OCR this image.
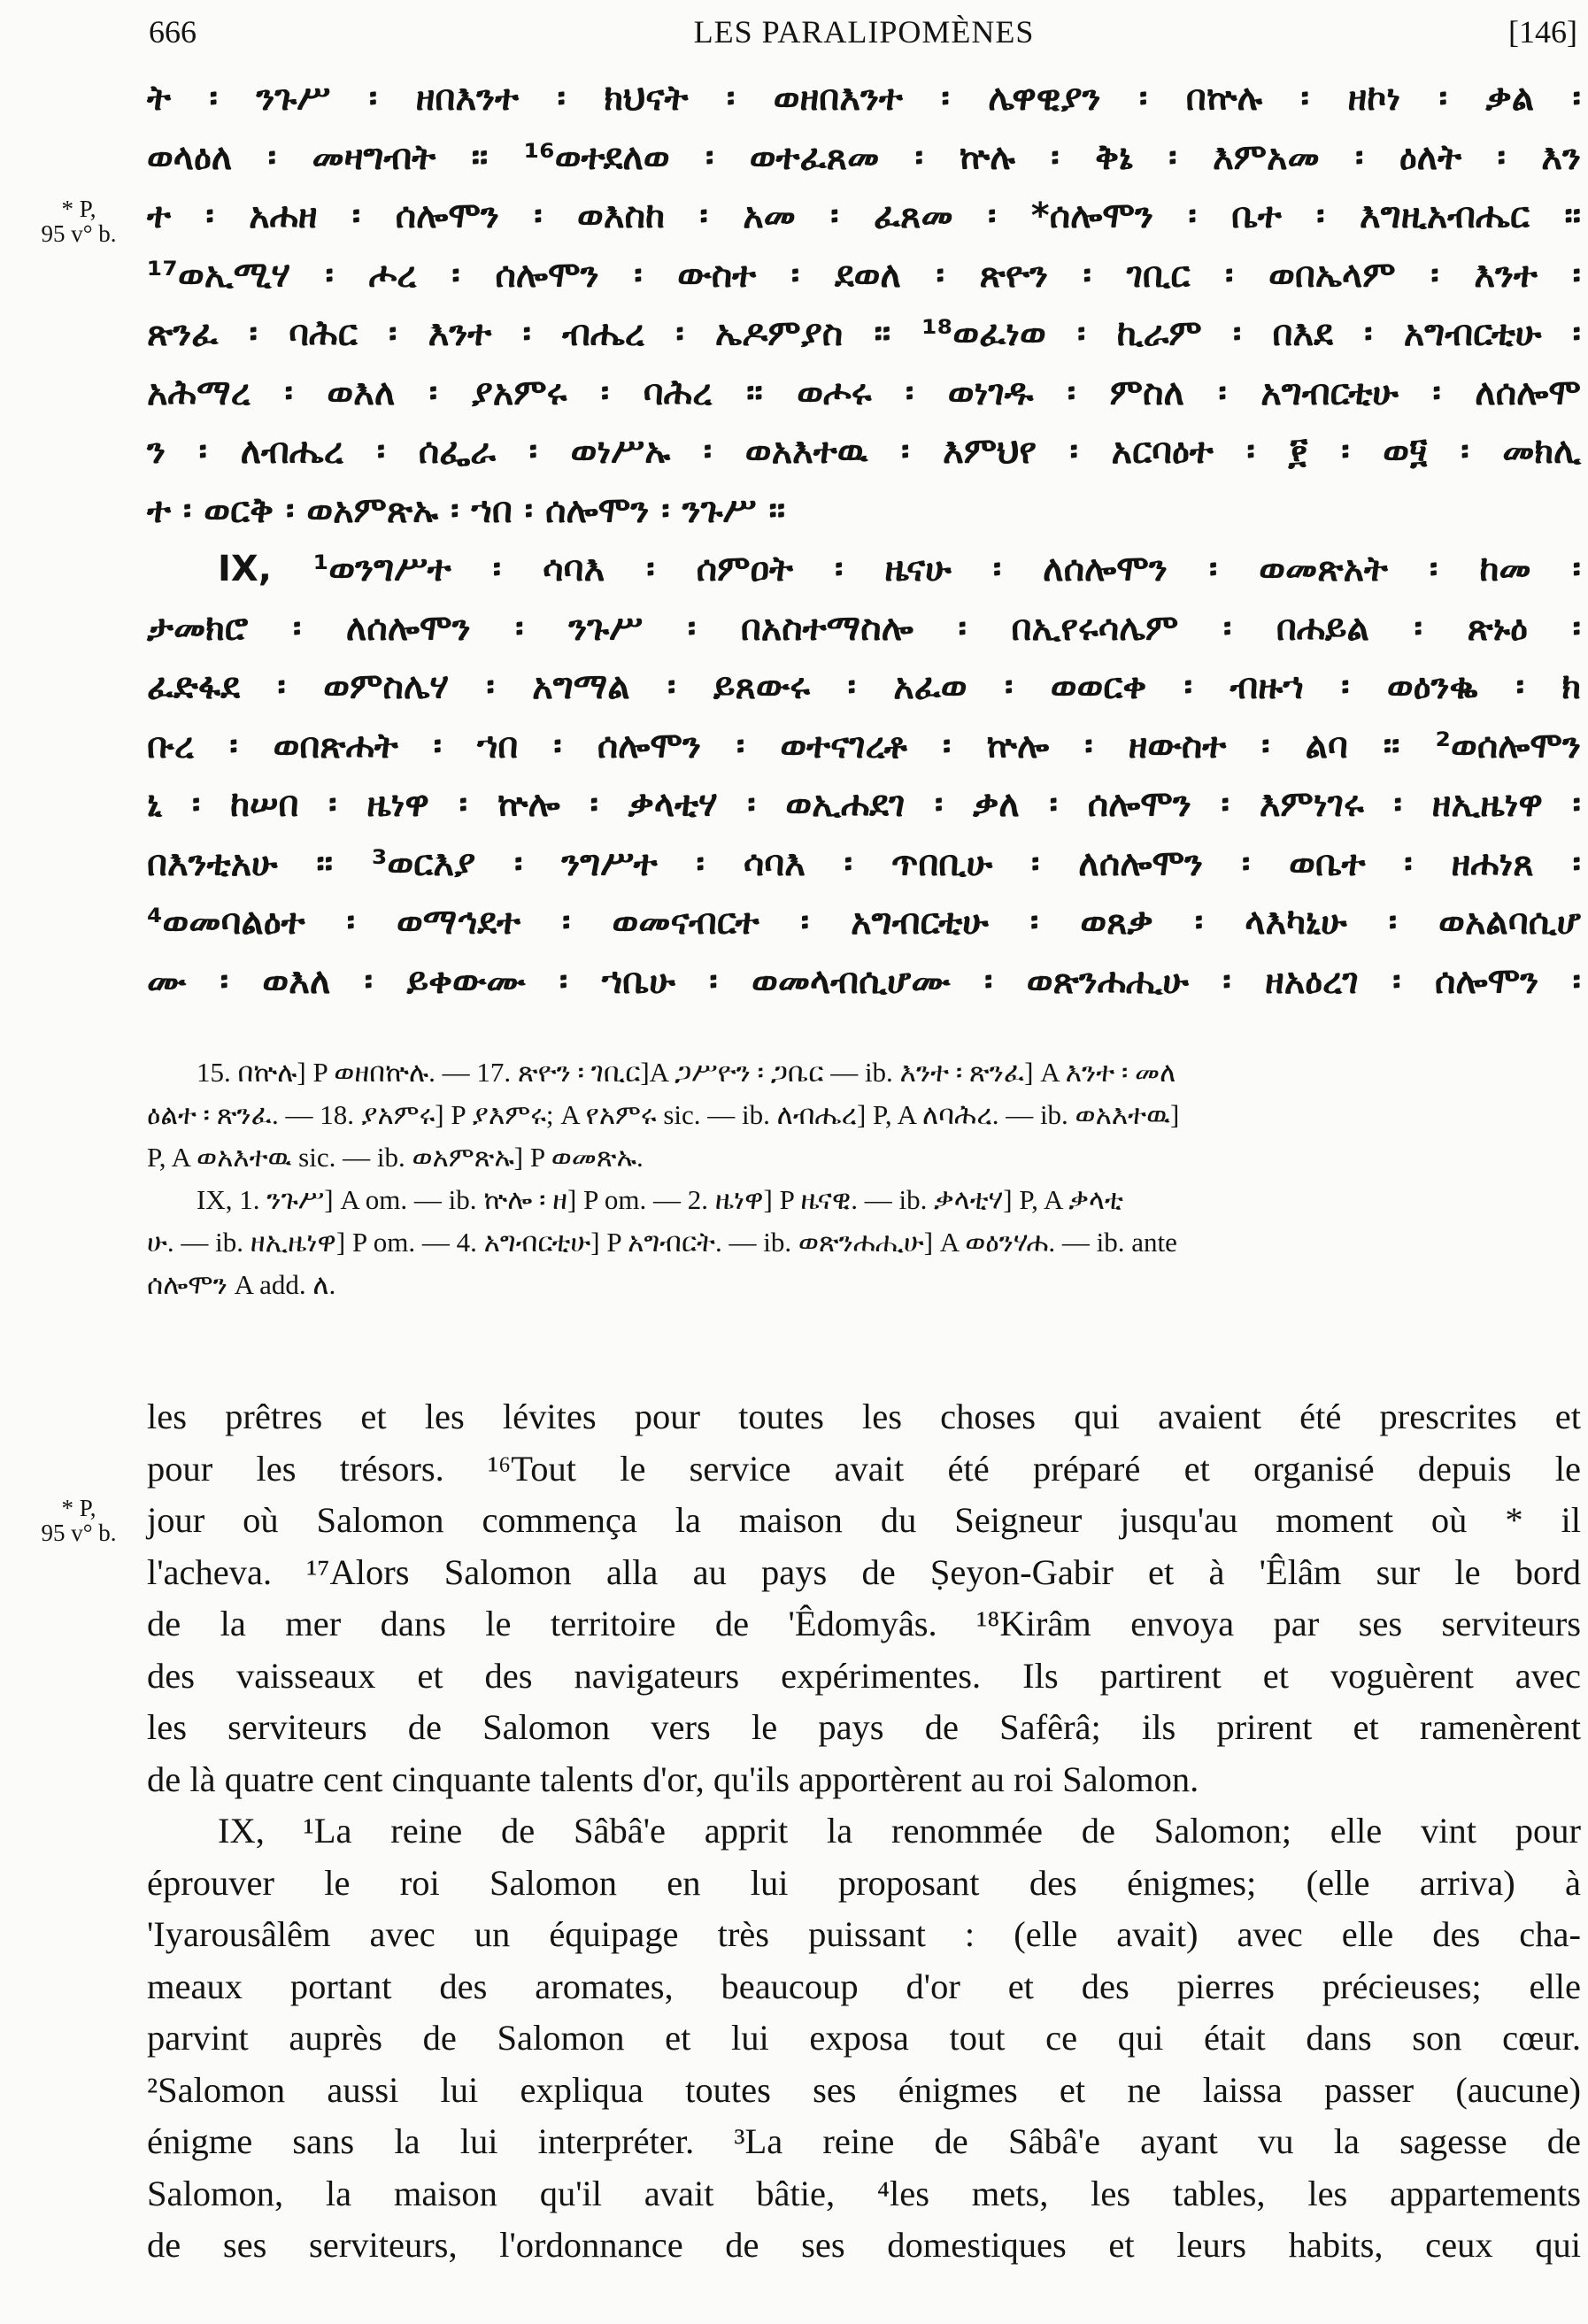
666	LES PARALIPOMÈNES	[146]
* P,
95 v° b.
ት ፡ ንጉሥ ፡ ዘበእንተ ፡ ክህናት ፡ ወዘበእንተ ፡ ሌዋዊያን ፡ በኵሉ ፡ ዘኮነ ፡ ቃል ፡
ወላዕለ ፡ መዛግብት ። ¹⁶ወተደለወ ፡ ወተፈጸመ ፡ ኵሉ ፡ ቅኔ ፡ እምአመ ፡ ዕለት ፡ እን
ተ ፡ አሐዘ ፡ ሰሎሞን ፡ ወእስከ ፡ አመ ፡ ፈጸመ ፡ *ሰሎሞን ፡ ቤተ ፡ እግዚአብሔር ።
¹⁷ወኢሚሃ ፡ ሖረ ፡ ሰሎሞን ፡ ውስተ ፡ ደወለ ፡ ጽዮን ፡ ገቢር ፡ ወበኤላም ፡ እንተ ፡
ጽንፈ ፡ ባሕር ፡ እንተ ፡ ብሔረ ፡ ኤዶምያስ ። ¹⁸ወፈነወ ፡ ኪራም ፡ በእደ ፡ አግብርቲሁ ፡
አሕማረ ፡ ወእለ ፡ ያአምሩ ፡ ባሕረ ። ወሖሩ ፡ ወነገዱ ፡ ምስለ ፡ አግብርቲሁ ፡ ለሰሎሞ
ን ፡ ለብሔረ ፡ ሰፌራ ፡ ወነሥኡ ፡ ወአእተዉ ፡ እምህየ ፡ አርባዕተ ፡ ፻ ፡ ወ፶ ፡ መክሊ
ተ ፡ ወርቅ ፡ ወአምጽኡ ፡ ኀበ ፡ ሰሎሞን ፡ ንጉሥ ።
IX, ¹ወንግሥተ ፡ ሳባእ ፡ ሰምዐት ፡ ዜናሁ ፡ ለሰሎሞን ፡ ወመጽአት ፡ ከመ ፡
ታመክሮ ፡ ለሰሎሞን ፡ ንጉሥ ፡ በአስተማስሎ ፡ በኢየሩሳሌም ፡ በሐይል ፡ ጽኑዕ ፡
ፈድፋደ ፡ ወምስሌሃ ፡ አግማል ፡ ይጸውሩ ፡ አፈወ ፡ ወወርቀ ፡ ብዙኀ ፡ ወዕንቈ ፡ ክ
ቡረ ፡ ወበጽሐት ፡ ኀበ ፡ ሰሎሞን ፡ ወተናገረቶ ፡ ኵሎ ፡ ዘውስተ ፡ ልባ ። ²ወሰሎሞን
ኒ ፡ ከሠበ ፡ ዜነዋ ፡ ኵሎ ፡ ቃላቲሃ ፡ ወኢሐደገ ፡ ቃለ ፡ ሰሎሞን ፡ እምነገሩ ፡ ዘኢዜነዋ ፡
በእንቲአሁ ። ³ወርእያ ፡ ንግሥተ ፡ ሳባእ ፡ ጥበቢሁ ፡ ለሰሎሞን ፡ ወቤተ ፡ ዘሐነጸ ፡
⁴ወመባልዕተ ፡ ወማኅደተ ፡ ወመናብርተ ፡ አግብርቲሁ ፡ ወጸቃ ፡ ላእካኒሁ ፡ ወአልባሲሆ
ሙ ፡ ወእለ ፡ ይቀውሙ ፡ ኀቤሁ ፡ ወመላብሲሆሙ ፡ ወጽንሐሒሁ ፡ ዘአዕረገ ፡ ሰሎሞን ፡
15. በኵሉ] P ወዘበኵሉ. — 17. ጽዮን ፡ ገቢር]A ጋሥዮን ፡ ጋቤር — ib. እንተ ፡ ጽንፈ] A እንተ ፡ መለ
ዕልተ ፡ ጽንፈ. — 18. ያአምሩ] P ያእምሩ; A የአምሩ sic. — ib. ለብሔረ] P, A ለባሕረ. — ib. ወአእተዉ]
P, A ወአእተዉ sic. — ib. ወአምጽኡ] P ወመጽኡ.
IX, 1. ንጉሥ] A om. — ib. ኵሎ ፡ ዘ] P om. — 2. ዜነዋ] P ዜናዊ. — ib. ቃላቲሃ] P, A ቃላቲ
ሁ. — ib. ዘኢዜነዋ] P om. — 4. አግብርቲሁ] P አግብርት. — ib. ወጽንሐሒሁ] A ወዕንሃሐ. — ib. ante
ሰሎሞን A add. ለ.
* P,
95 v° b.
les prêtres et les lévites pour toutes les choses qui avaient été prescrites et
pour les trésors. ¹⁶Tout le service avait été préparé et organisé depuis le
jour où Salomon commença la maison du Seigneur jusqu'au moment où * il
l'acheva. ¹⁷Alors Salomon alla au pays de Ṣeyon-Gabir et à 'Êlâm sur le bord
de la mer dans le territoire de 'Êdomyâs. ¹⁸Kirâm envoya par ses serviteurs
des vaisseaux et des navigateurs expérimentes. Ils partirent et voguèrent avec
les serviteurs de Salomon vers le pays de Safêrâ; ils prirent et ramenèrent
de là quatre cent cinquante talents d'or, qu'ils apportèrent au roi Salomon.
IX, ¹La reine de Sâbâ'e apprit la renommée de Salomon; elle vint pour
éprouver le roi Salomon en lui proposant des énigmes; (elle arriva) à
'Iyarousâlêm avec un équipage très puissant : (elle avait) avec elle des cha-
meaux portant des aromates, beaucoup d'or et des pierres précieuses; elle
parvint auprès de Salomon et lui exposa tout ce qui était dans son cœur.
²Salomon aussi lui expliqua toutes ses énigmes et ne laissa passer (aucune)
énigme sans la lui interpréter. ³La reine de Sâbâ'e ayant vu la sagesse de
Salomon, la maison qu'il avait bâtie, ⁴les mets, les tables, les appartements
de ses serviteurs, l'ordonnance de ses domestiques et leurs habits, ceux qui
